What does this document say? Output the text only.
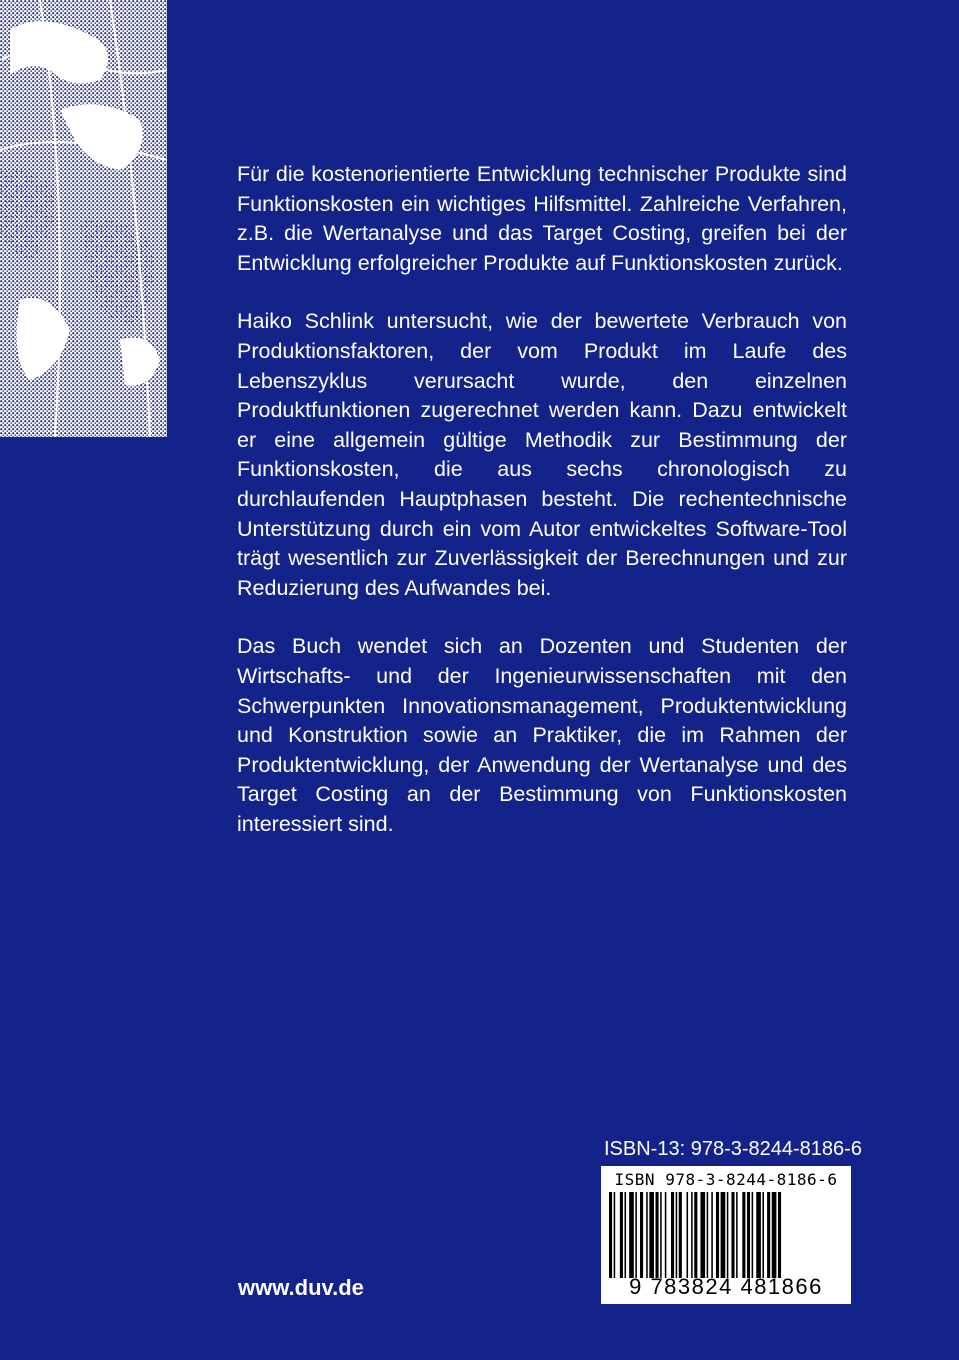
Für die kostenorientierte Entwicklung technischer Produkte sind Funktionskosten ein wichtiges Hilfsmittel. Zahlreiche Verfahren, z.B. die Wertanalyse und das Target Costing, greifen bei der Entwicklung erfolgreicher Produkte auf Funktionskosten zurück.

Haiko Schlink untersucht, wie der bewertete Verbrauch von Produktionsfaktoren, der vom Produkt im Laufe des Lebenszyklus verursacht wurde, den einzelnen Produktfunktionen zugerechnet werden kann. Dazu entwickelt er eine allgemein gültige Methodik zur Bestimmung der Funktionskosten, die aus sechs chronologisch zu durchlaufenden Hauptphasen besteht. Die rechentechnische Unterstützung durch ein vom Autor entwickeltes Software-Tool trägt wesentlich zur Zuverlässigkeit der Berechnungen und zur Reduzierung des Aufwandes bei.

Das Buch wendet sich an Dozenten und Studenten der Wirtschafts- und der Ingenieurwissenschaften mit den Schwerpunkten Innovationsmanagement, Produktentwicklung und Konstruktion sowie an Praktiker, die im Rahmen der Produktentwicklung, der Anwendung der Wertanalyse und des Target Costing an der Bestimmung von Funktionskosten interessiert sind.

ISBN-13: 978-3-8244-8186-6
ISBN 978-3-8244-8186-6
9 783824 481866
www.duv.de
